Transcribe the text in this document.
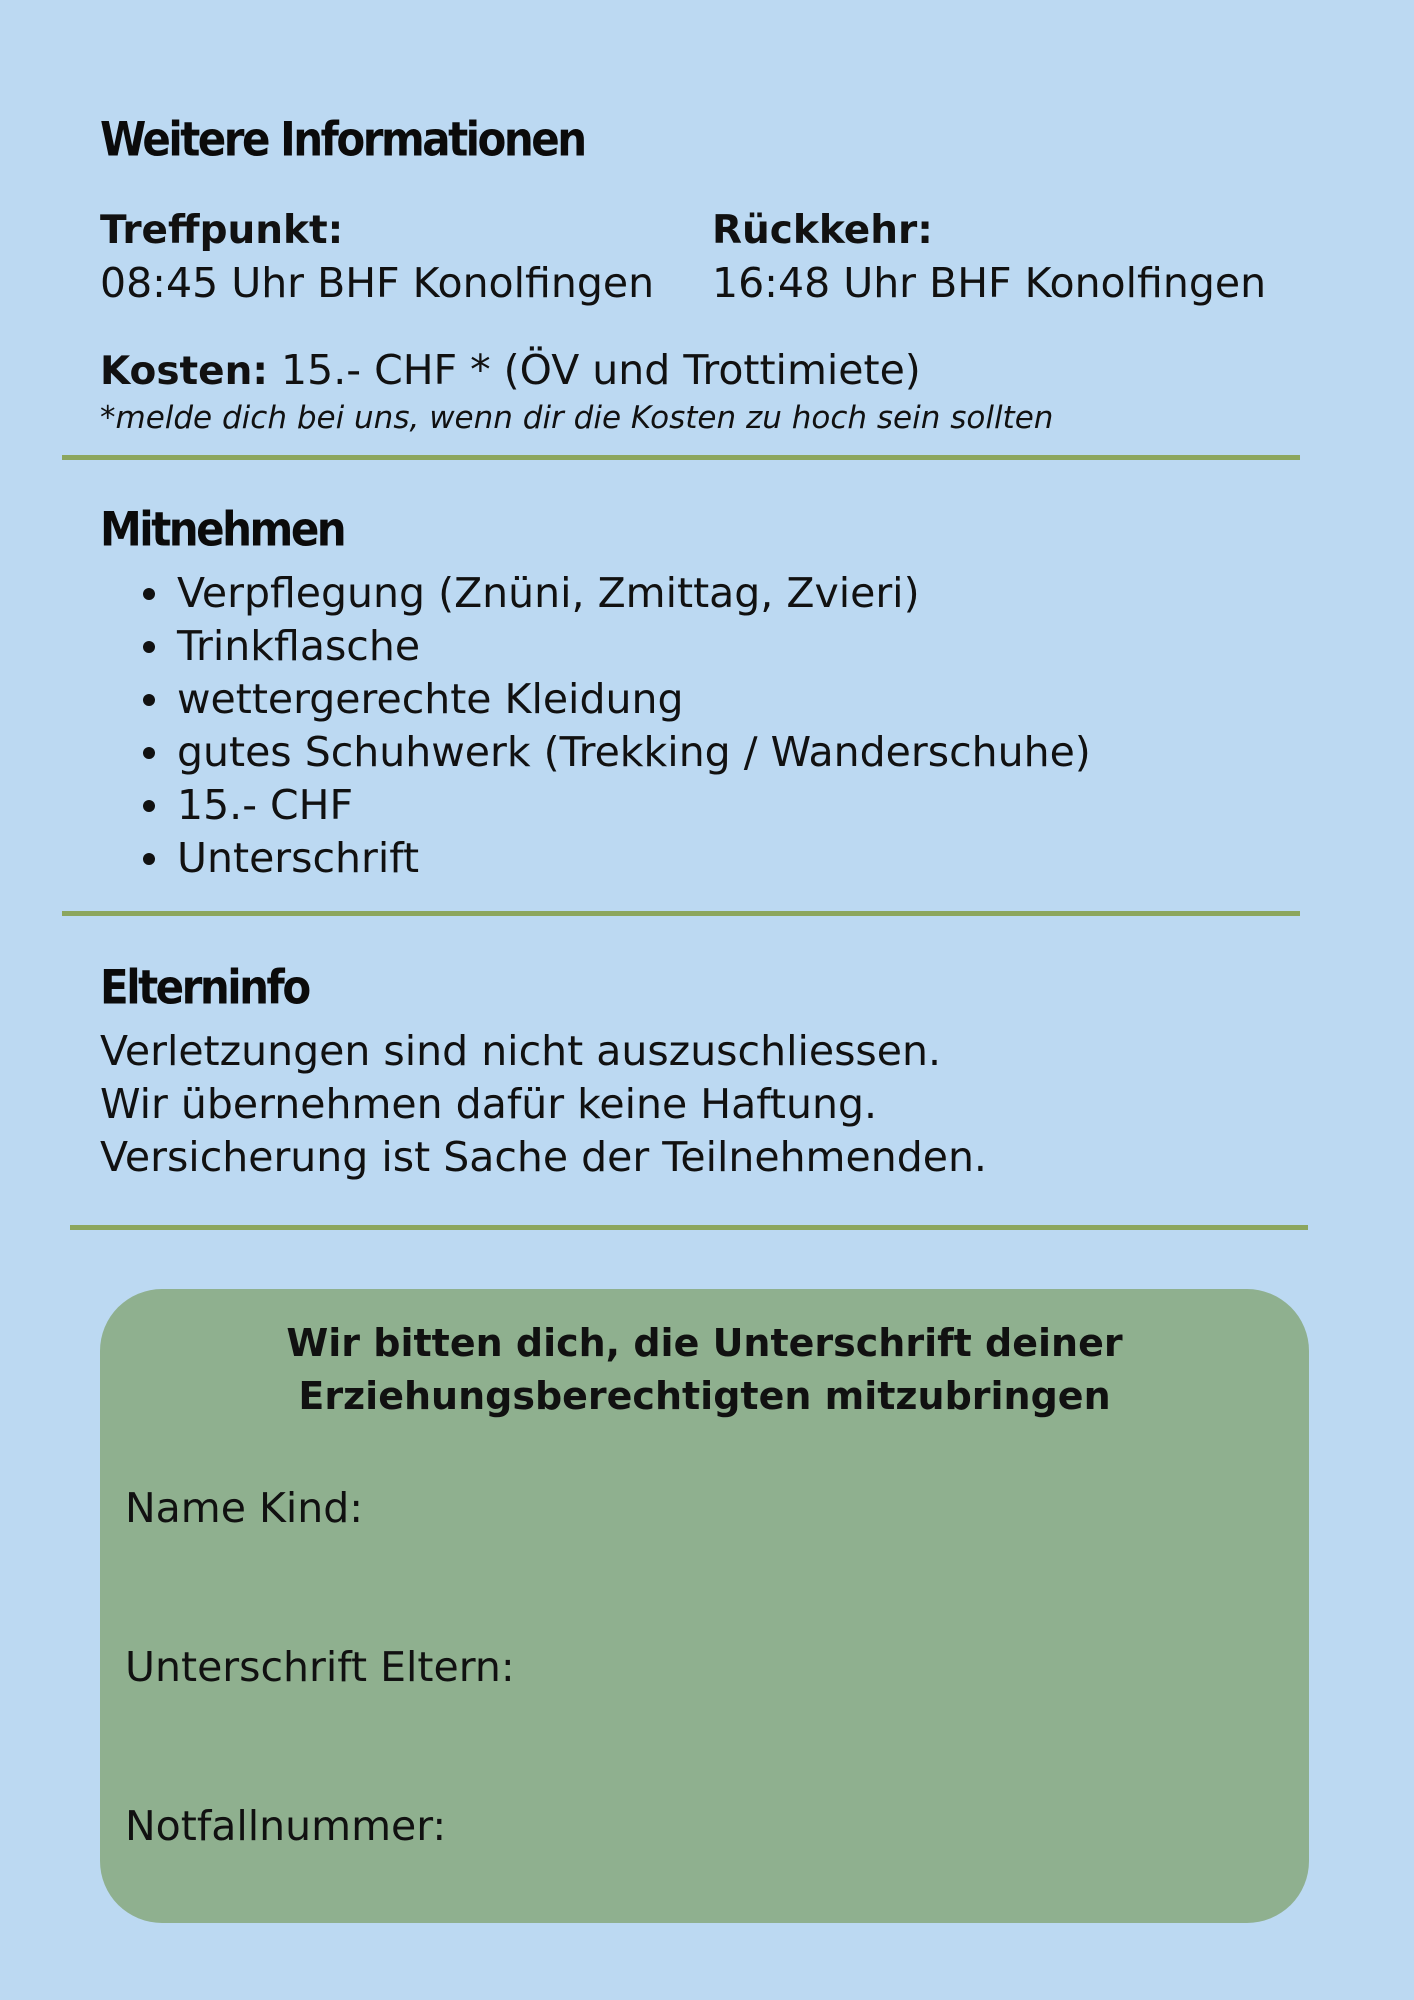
Weitere Informationen
Treffpunkt:
08:45 Uhr BHF Konolfingen
Rückkehr:
16:48 Uhr BHF Konolfingen
Kosten: 15.- CHF * (ÖV und Trottimiete)
*melde dich bei uns, wenn dir die Kosten zu hoch sein sollten
Mitnehmen
Verpflegung (Znüni, Zmittag, Zvieri)
Trinkflasche
wettergerechte Kleidung
gutes Schuhwerk (Trekking / Wanderschuhe)
15.- CHF
Unterschrift
Elterninfo
Verletzungen sind nicht auszuschliessen.
Wir übernehmen dafür keine Haftung.
Versicherung ist Sache der Teilnehmenden.
Wir bitten dich, die Unterschrift deiner
Erziehungsberechtigten mitzubringen
Name Kind:
Unterschrift Eltern:
Notfallnummer:
